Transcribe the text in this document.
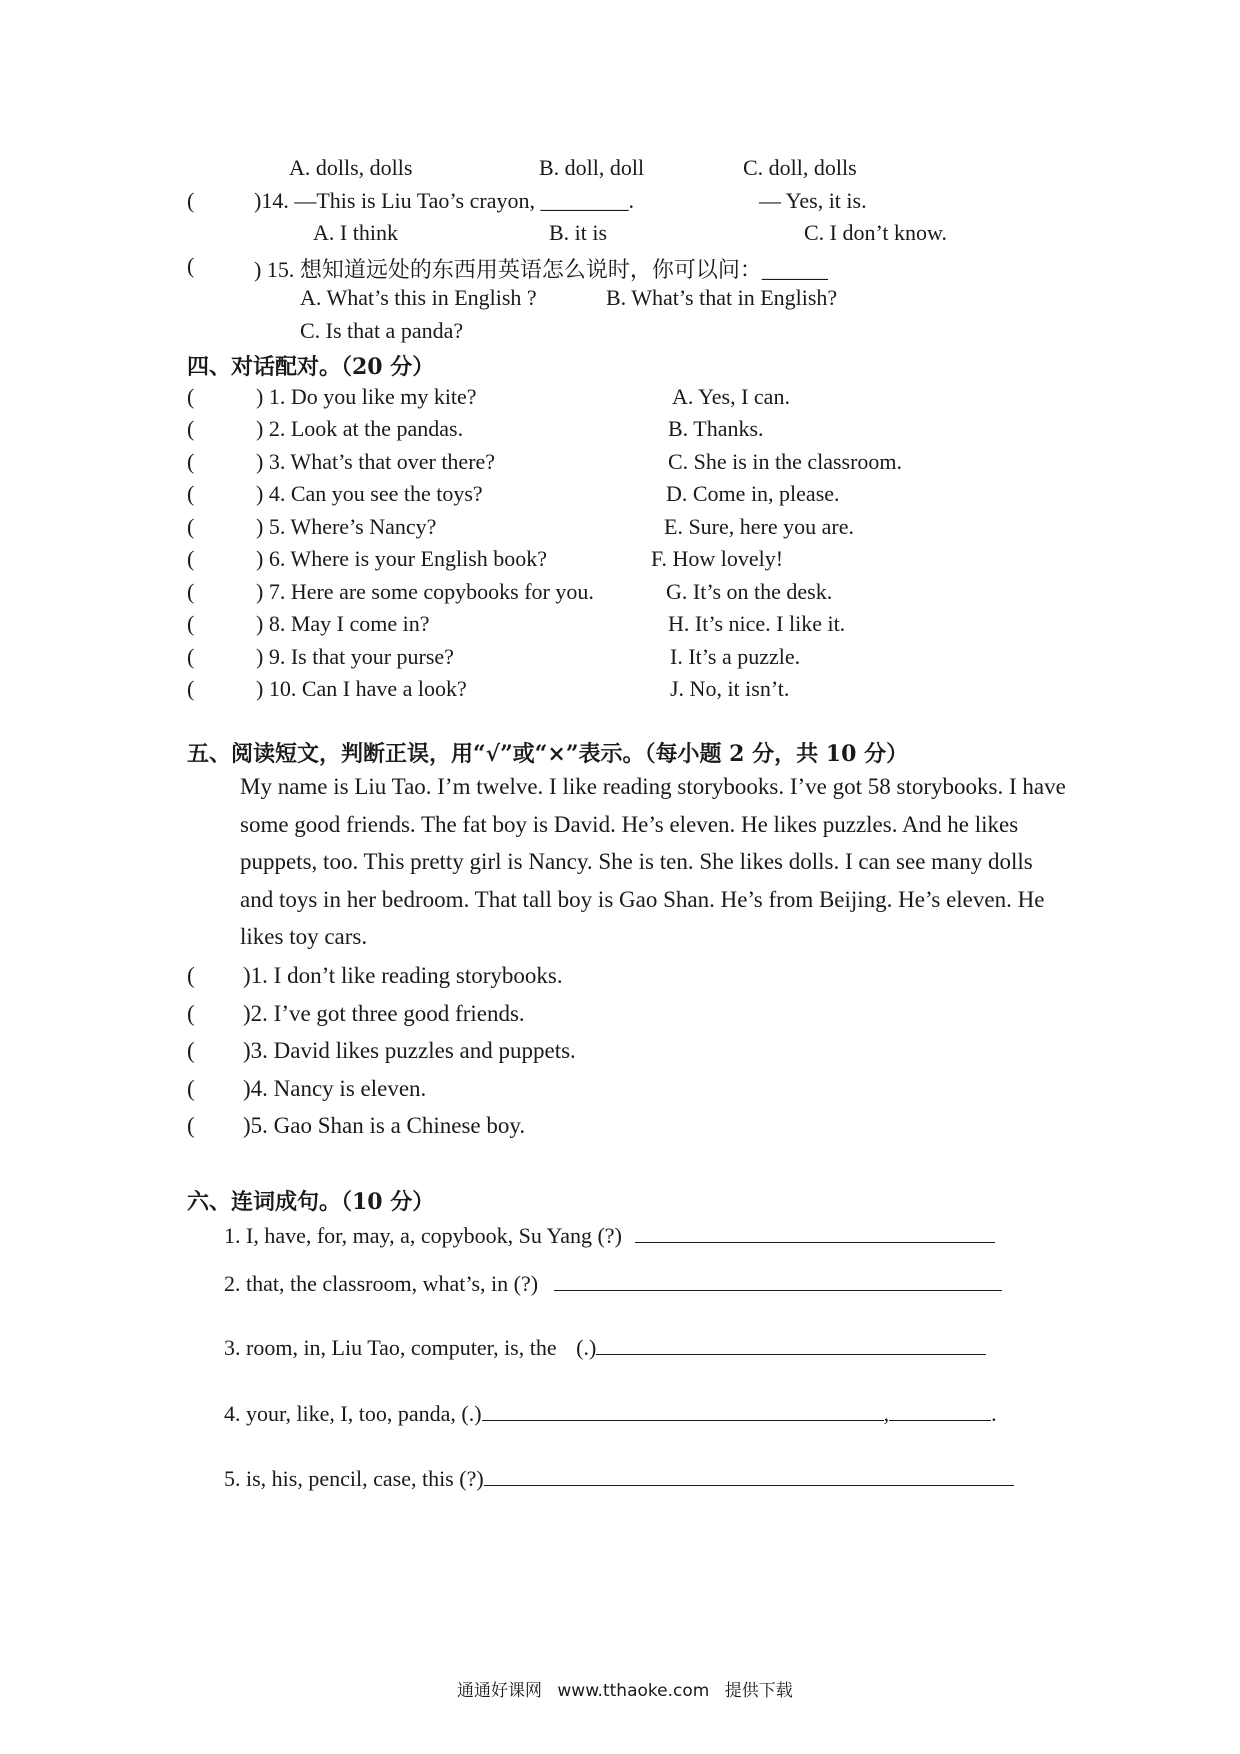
A. dolls, dolls	B. doll, doll	C. doll, dolls
(	)14. —This is Liu Tao’s crayon, ________.	— Yes, it is.
A. I think	B. it is	C. I don’t know.
(	) 15. 想知道远处的东西用英语怎么说时，你可以问：______
A. What’s this in English ?	B. What’s that in English?
C. Is that a panda?
四、对话配对。（20 分）
(	) 1. Do you like my kite?	A. Yes, I can.
(	) 2. Look at the pandas.	B. Thanks.
(	) 3. What’s that over there?	C. She is in the classroom.
(	) 4. Can you see the toys?	D. Come in, please.
(	) 5. Where’s Nancy?	E. Sure, here you are.
(	) 6. Where is your English book?	F. How lovely!
(	) 7. Here are some copybooks for you.	G. It’s on the desk.
(	) 8. May I come in?	H. It’s nice. I like it.
(	) 9. Is that your purse?	I. It’s a puzzle.
(	) 10. Can I have a look?	J. No, it isn’t.
五、阅读短文，判断正误，用“√”或“×”表示。（每小题 2 分，共 10 分）
My name is Liu Tao. I’m twelve. I like reading storybooks. I’ve got 58 storybooks. I have some good friends. The fat boy is David. He’s eleven. He likes puzzles. And he likes puppets, too. This pretty girl is Nancy. She is ten. She likes dolls. I can see many dolls and toys in her bedroom. That tall boy is Gao Shan. He’s from Beijing. He’s eleven. He likes toy cars.
( )1. I don’t like reading storybooks.
( )2. I’ve got three good friends.
( )3. David likes puzzles and puppets.
( )4. Nancy is eleven.
( )5. Gao Shan is a Chinese boy.
六、连词成句。（10 分）
1. I, have, for, may, a, copybook, Su Yang (?)
2. that, the classroom, what’s, in (?)
3. room, in, Liu Tao, computer, is, the (.)
4. your, like, I, too, panda, (.)	,	.
5. is, his, pencil, case, this (?)
通通好课网 www.tthaoke.com 提供下载
